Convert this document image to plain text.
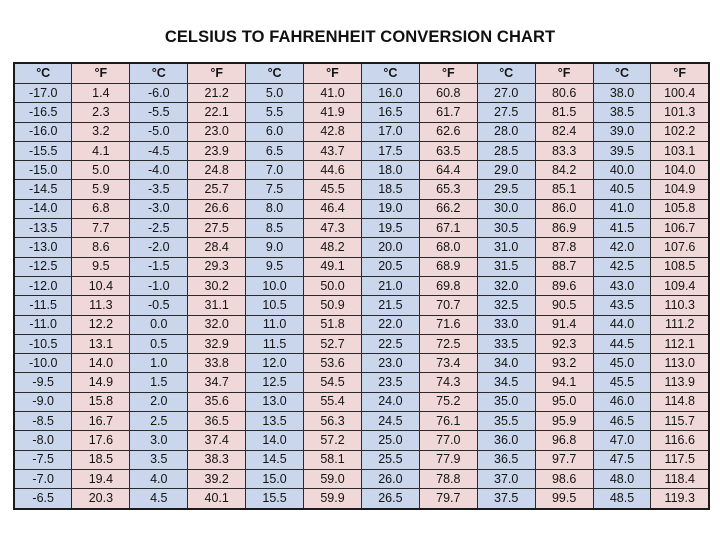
CELSIUS TO FAHRENHEIT CONVERSION CHART
°C	°F	°C	°F	°C	°F	°C	°F	°C	°F	°C	°F
-17.0	1.4	-6.0	21.2	5.0	41.0	16.0	60.8	27.0	80.6	38.0	100.4
-16.5	2.3	-5.5	22.1	5.5	41.9	16.5	61.7	27.5	81.5	38.5	101.3
-16.0	3.2	-5.0	23.0	6.0	42.8	17.0	62.6	28.0	82.4	39.0	102.2
-15.5	4.1	-4.5	23.9	6.5	43.7	17.5	63.5	28.5	83.3	39.5	103.1
-15.0	5.0	-4.0	24.8	7.0	44.6	18.0	64.4	29.0	84.2	40.0	104.0
-14.5	5.9	-3.5	25.7	7.5	45.5	18.5	65.3	29.5	85.1	40.5	104.9
-14.0	6.8	-3.0	26.6	8.0	46.4	19.0	66.2	30.0	86.0	41.0	105.8
-13.5	7.7	-2.5	27.5	8.5	47.3	19.5	67.1	30.5	86.9	41.5	106.7
-13.0	8.6	-2.0	28.4	9.0	48.2	20.0	68.0	31.0	87.8	42.0	107.6
-12.5	9.5	-1.5	29.3	9.5	49.1	20.5	68.9	31.5	88.7	42.5	108.5
-12.0	10.4	-1.0	30.2	10.0	50.0	21.0	69.8	32.0	89.6	43.0	109.4
-11.5	11.3	-0.5	31.1	10.5	50.9	21.5	70.7	32.5	90.5	43.5	110.3
-11.0	12.2	0.0	32.0	11.0	51.8	22.0	71.6	33.0	91.4	44.0	111.2
-10.5	13.1	0.5	32.9	11.5	52.7	22.5	72.5	33.5	92.3	44.5	112.1
-10.0	14.0	1.0	33.8	12.0	53.6	23.0	73.4	34.0	93.2	45.0	113.0
-9.5	14.9	1.5	34.7	12.5	54.5	23.5	74.3	34.5	94.1	45.5	113.9
-9.0	15.8	2.0	35.6	13.0	55.4	24.0	75.2	35.0	95.0	46.0	114.8
-8.5	16.7	2.5	36.5	13.5	56.3	24.5	76.1	35.5	95.9	46.5	115.7
-8.0	17.6	3.0	37.4	14.0	57.2	25.0	77.0	36.0	96.8	47.0	116.6
-7.5	18.5	3.5	38.3	14.5	58.1	25.5	77.9	36.5	97.7	47.5	117.5
-7.0	19.4	4.0	39.2	15.0	59.0	26.0	78.8	37.0	98.6	48.0	118.4
-6.5	20.3	4.5	40.1	15.5	59.9	26.5	79.7	37.5	99.5	48.5	119.3
